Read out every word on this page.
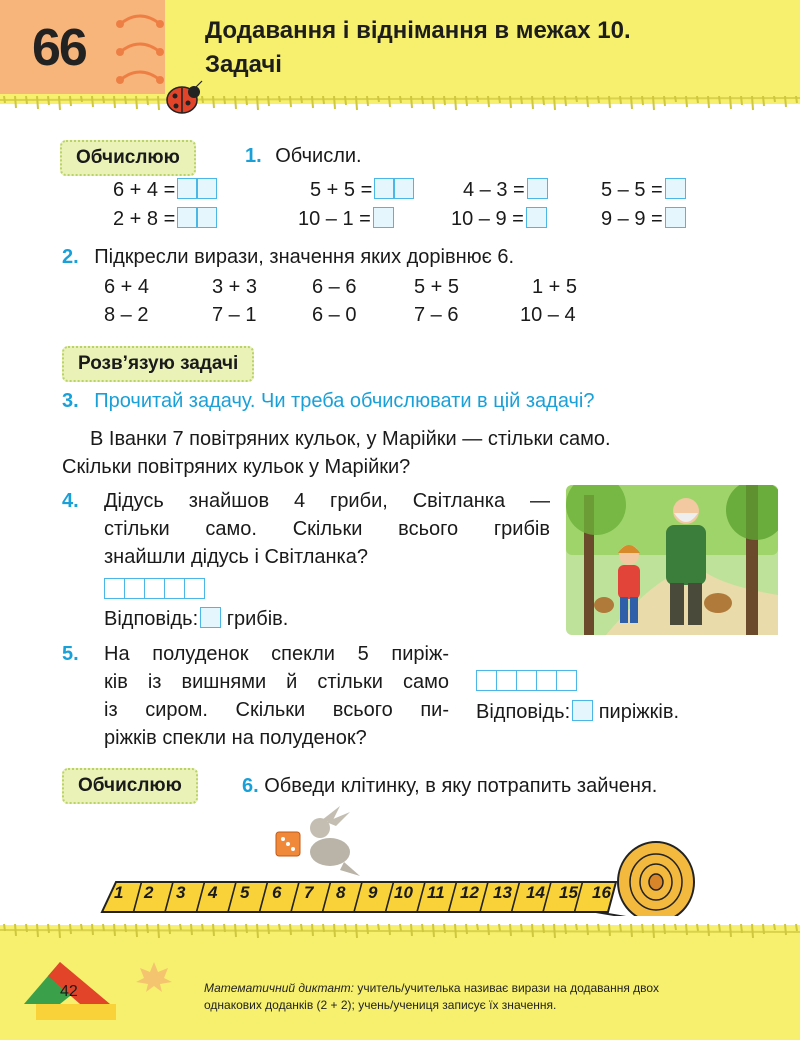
66	Додавання і віднімання в межах 10.
Задачі
Обчислюю	1. Обчисли.
6 + 4 =	5 + 5 =	4 – 3 =	5 – 5 =
2 + 8 =	10 – 1 =	10 – 9 =	9 – 9 =
2. Підкресли вирази, значення яких дорівнює 6.
6 + 4	3 + 3	6 – 6	5 + 5	1 + 5
8 – 2	7 – 1	6 – 0	7 – 6	10 – 4
Розв’язую задачі
3. Прочитай задачу. Чи треба обчислювати в цій задачі?
В Іванки 7 повітряних кульок, у Марійки — стільки само.
Скільки повітряних кульок у Марійки?
4. Дідусь знайшов 4 гриби, Світланка —
стільки само. Скільки всього грибів
знайшли дідусь і Світланка?
Відповідь: грибів.
5. На полуденок спекли 5 пиріж-
ків із вишнями й стільки само
із сиром. Скільки всього пи-
ріжків спекли на полуденок?
Відповідь: пиріжків.
Обчислюю	6. Обведи клітинку, в яку потрапить зайченя.
1 2 3 4 5 6 7 8 9 10 11 12 13 14 15 16
42	Математичний диктант: учитель/учителька називає вирази на додавання двох
однакових доданків (2 + 2); учень/учениця записує їх значення.
